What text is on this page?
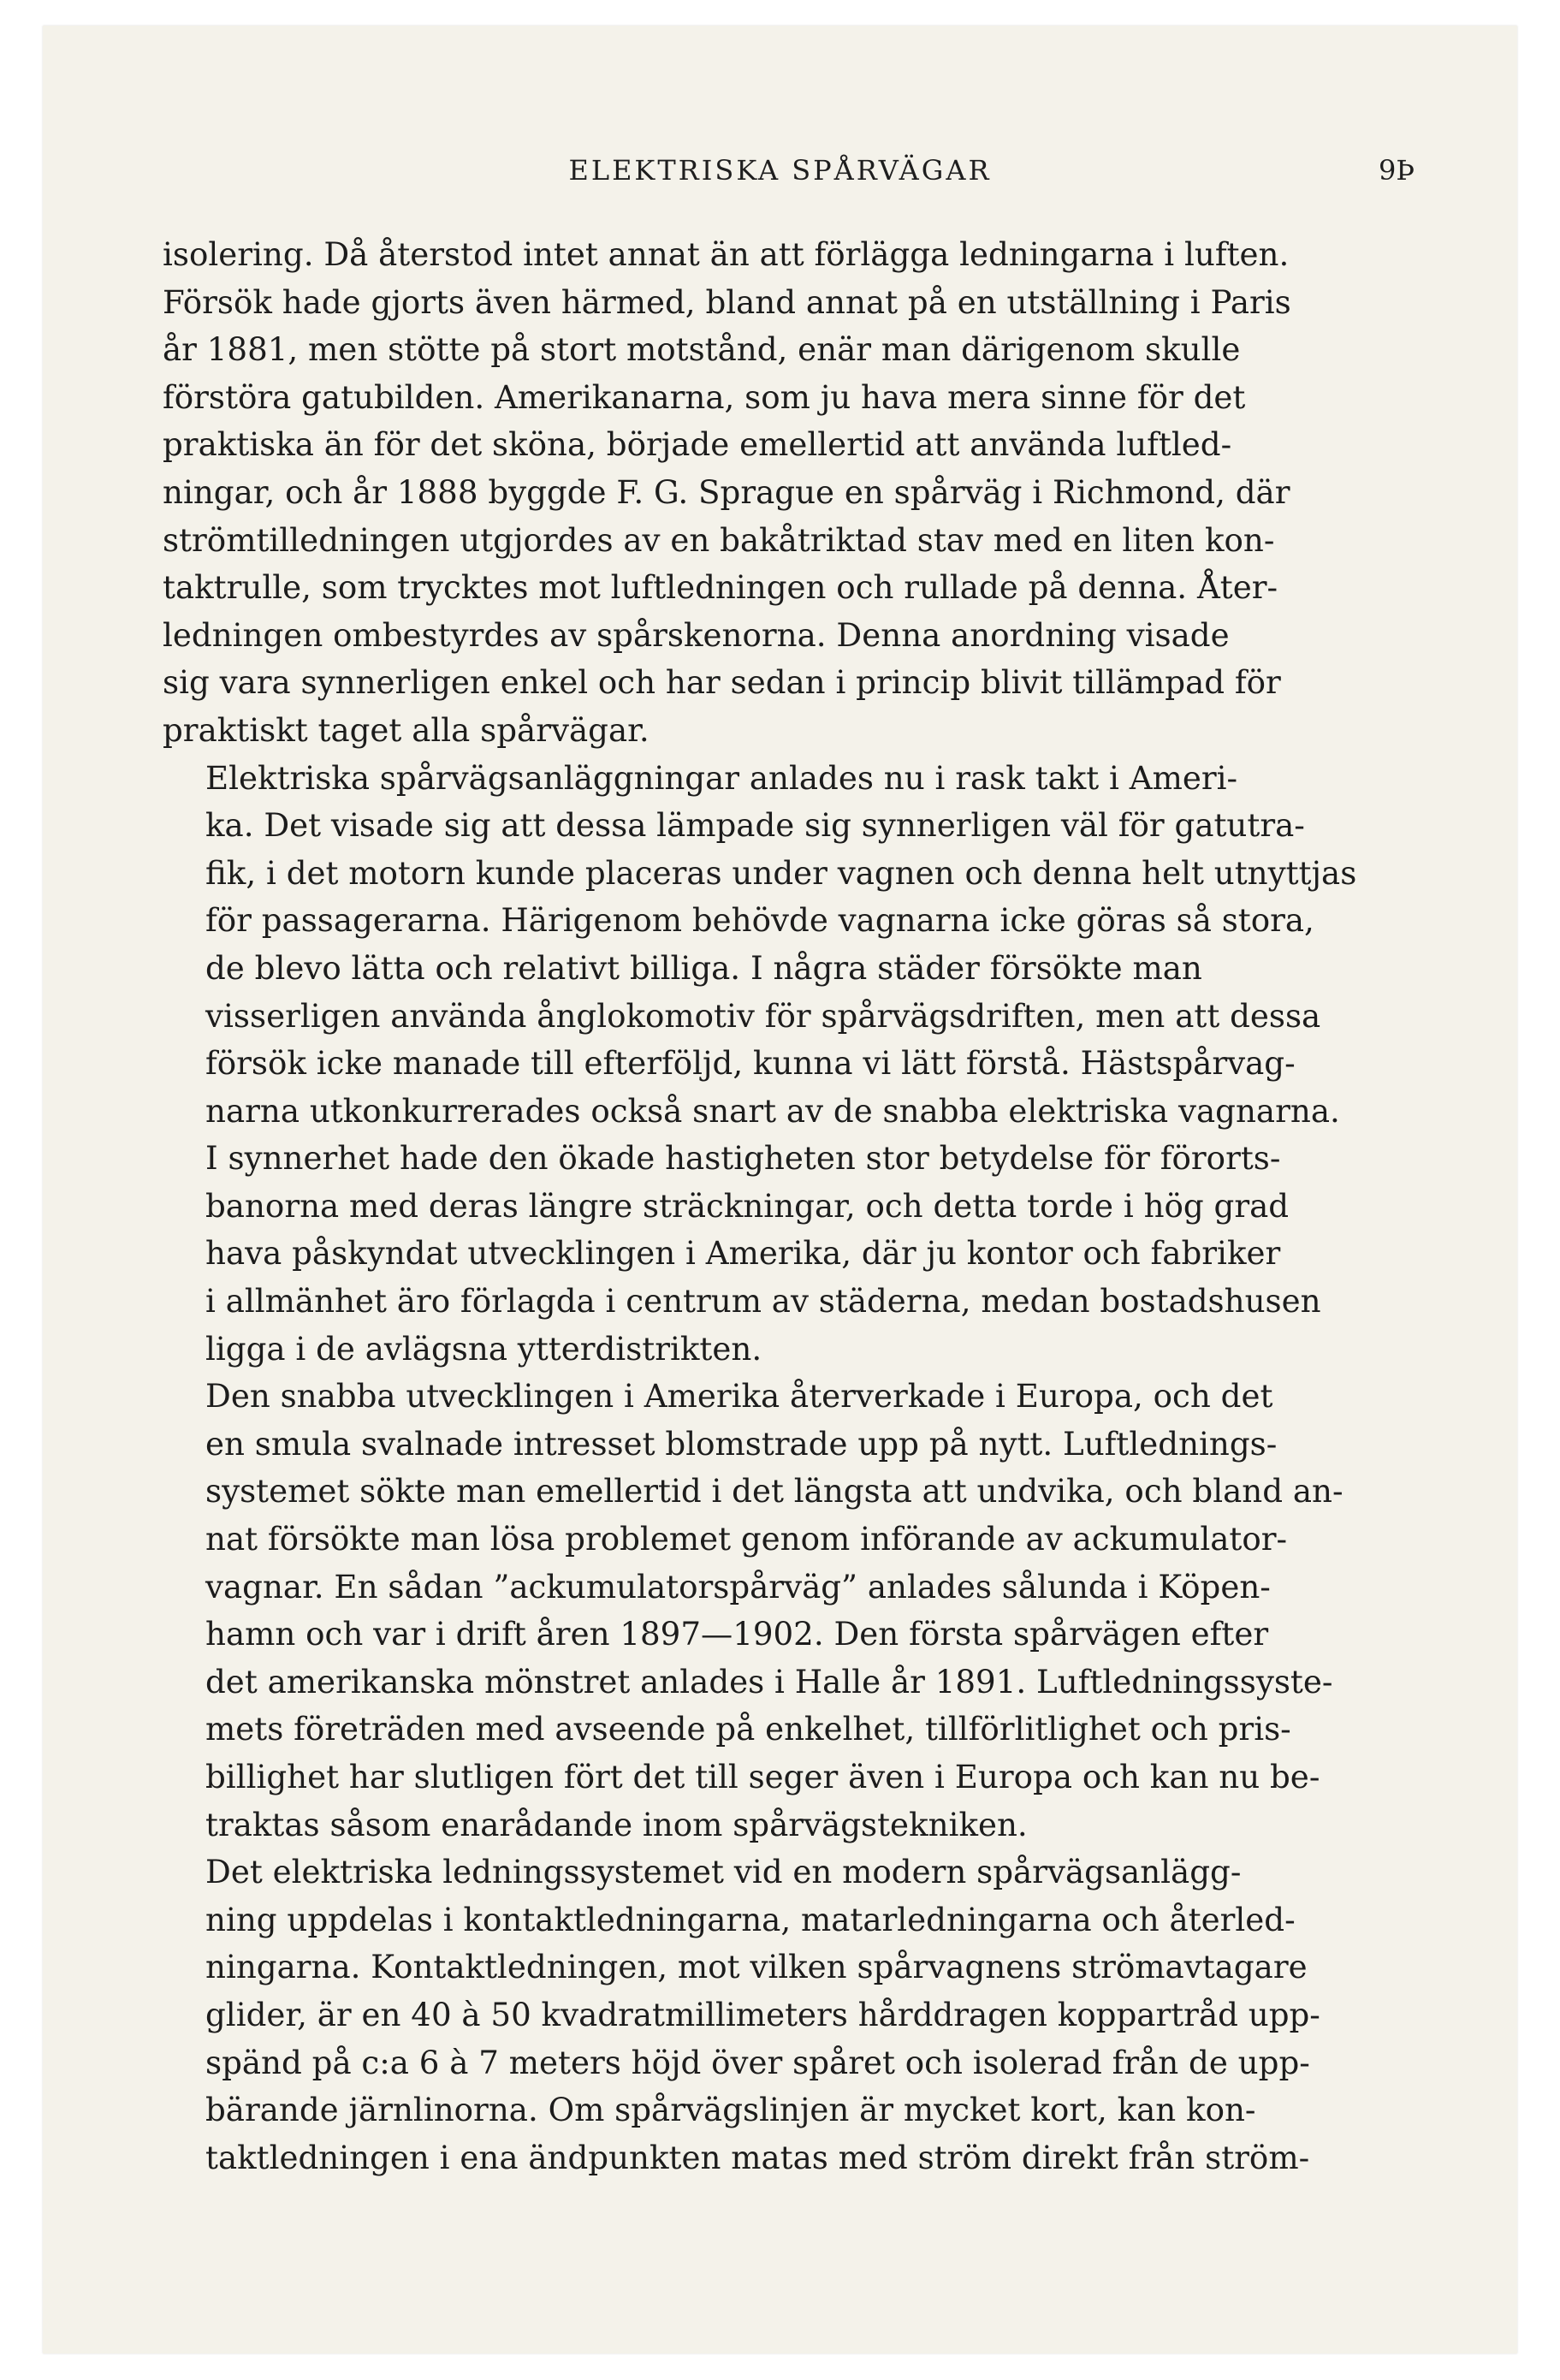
ELEKTRISKA SPÅRVÄGAR	9Þ

isolering. Då återstod intet annat än att förlägga ledningarna i luften.
Försök hade gjorts även härmed, bland annat på en utställning i Paris
år 1881, men stötte på stort motstånd, enär man därigenom skulle
förstöra gatubilden. Amerikanarna, som ju hava mera sinne för det
praktiska än för det sköna, började emellertid att använda luftled-
ningar, och år 1888 byggde F. G. Sprague en spårväg i Richmond, där
strömtilledningen utgjordes av en bakåtriktad stav med en liten kon-
taktrulle, som trycktes mot luftledningen och rullade på denna. Åter-
ledningen ombestyrdes av spårskenorna. Denna anordning visade
sig vara synnerligen enkel och har sedan i princip blivit tillämpad för
praktiskt taget alla spårvägar.

Elektriska spårvägsanläggningar anlades nu i rask takt i Ameri-
ka. Det visade sig att dessa lämpade sig synnerligen väl för gatutra-
fik, i det motorn kunde placeras under vagnen och denna helt utnyttjas
för passagerarna. Härigenom behövde vagnarna icke göras så stora,
de blevo lätta och relativt billiga. I några städer försökte man
visserligen använda ånglokomotiv för spårvägsdriften, men att dessa
försök icke manade till efterföljd, kunna vi lätt förstå. Hästspårvag-
narna utkonkurrerades också snart av de snabba elektriska vagnarna.
I synnerhet hade den ökade hastigheten stor betydelse för förorts-
banorna med deras längre sträckningar, och detta torde i hög grad
hava påskyndat utvecklingen i Amerika, där ju kontor och fabriker
i allmänhet äro förlagda i centrum av städerna, medan bostadshusen
ligga i de avlägsna ytterdistrikten.

Den snabba utvecklingen i Amerika återverkade i Europa, och det
en smula svalnade intresset blomstrade upp på nytt. Luftlednings-
systemet sökte man emellertid i det längsta att undvika, och bland an-
nat försökte man lösa problemet genom införande av ackumulator-
vagnar. En sådan ”ackumulatorspårväg” anlades sålunda i Köpen-
hamn och var i drift åren 1897—1902. Den första spårvägen efter
det amerikanska mönstret anlades i Halle år 1891. Luftledningssyste-
mets företräden med avseende på enkelhet, tillförlitlighet och pris-
billighet har slutligen fört det till seger även i Europa och kan nu be-
traktas såsom enarådande inom spårvägstekniken.

Det elektriska ledningssystemet vid en modern spårvägsanlägg-
ning uppdelas i kontaktledningarna, matarledningarna och återled-
ningarna. Kontaktledningen, mot vilken spårvagnens strömavtagare
glider, är en 40 à 50 kvadratmillimeters hårddragen koppartråd upp-
spänd på c:a 6 à 7 meters höjd över spåret och isolerad från de upp-
bärande järnlinorna. Om spårvägslinjen är mycket kort, kan kon-
taktledningen i ena ändpunkten matas med ström direkt från ström-
